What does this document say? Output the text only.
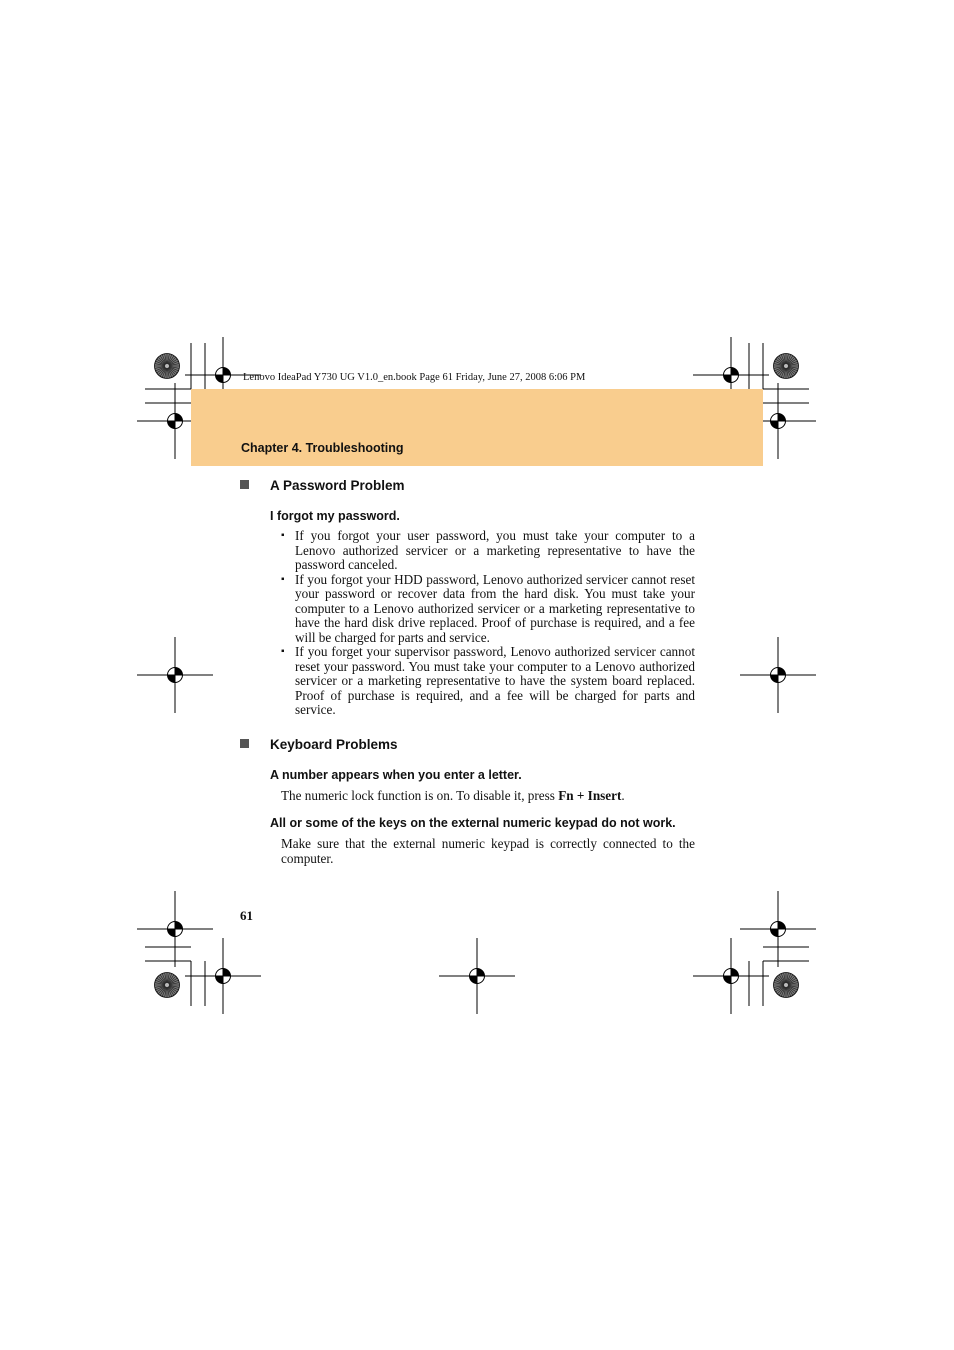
Lenovo IdeaPad Y730 UG V1.0_en.book Page 61 Friday, June 27, 2008 6:06 PM
Chapter 4. Troubleshooting
A Password Problem
I forgot my password.
▪ If you forgot your user password, you must take your computer to a Lenovo authorized servicer or a marketing representative to have the password canceled.
▪ If you forgot your HDD password, Lenovo authorized servicer cannot reset your password or recover data from the hard disk. You must take your computer to a Lenovo authorized servicer or a marketing representative to have the hard disk drive replaced. Proof of purchase is required, and a fee will be charged for parts and service.
▪ If you forget your supervisor password, Lenovo authorized servicer cannot reset your password. You must take your computer to a Lenovo authorized servicer or a marketing representative to have the system board replaced. Proof of purchase is required, and a fee will be charged for parts and service.
Keyboard Problems
A number appears when you enter a letter.
The numeric lock function is on. To disable it, press Fn + Insert.
All or some of the keys on the external numeric keypad do not work.
Make sure that the external numeric keypad is correctly connected to the computer.
61
